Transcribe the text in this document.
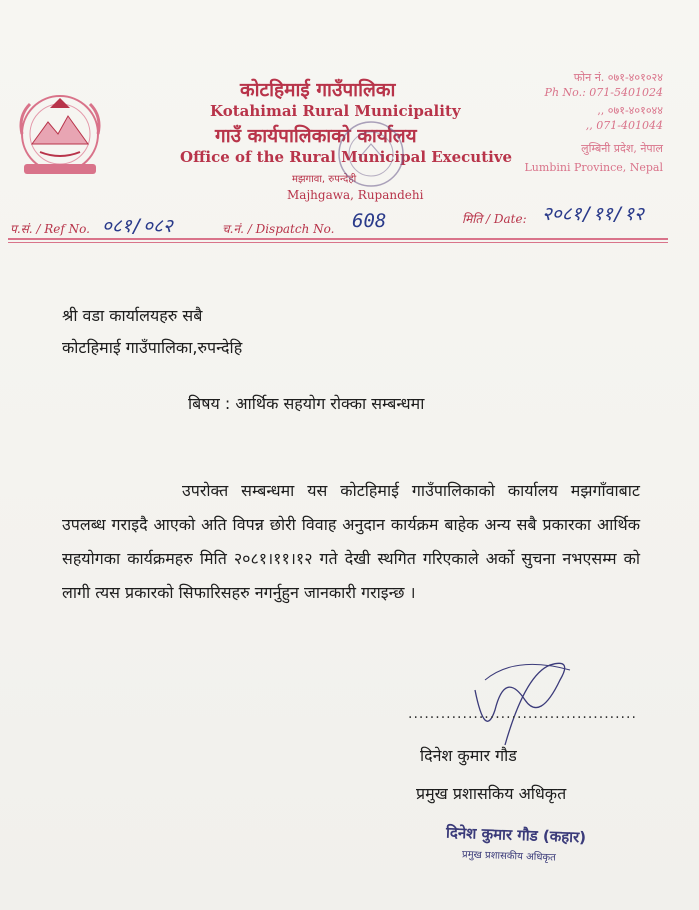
कोटहिमाई गाउँपालिका
Kotahimai Rural Municipality
गाउँ कार्यपालिकाको कार्यालय
Office of the Rural Municipal Executive
मझगावा, रुपन्देही
Majhgawa, Rupandehi
फोन नं. ०७१-४०१०२४
Ph No.: 071-5401024
,, ०७१-४०१०४४
,, 071-401044
लुम्बिनी प्रदेश, नेपाल
Lumbini Province, Nepal
प.सं. / Ref No. ०८१/०८२	च.नं. / Dispatch No. 608	मिति / Date: २०८१/११/१२
श्री वडा कार्यालयहरु सबै
कोटहिमाई गाउँपालिका,रुपन्देहि
बिषय : आर्थिक सहयोग रोक्का सम्बन्धमा
उपरोक्त सम्बन्धमा यस कोटहिमाई गाउँपालिकाको कार्यालय मझगाँवाबाट उपलब्ध गराइदै आएको अति विपन्न छोरी विवाह अनुदान कार्यक्रम बाहेक अन्य सबै प्रकारका आर्थिक सहयोगका कार्यक्रमहरु मिति २०८१।११।१२ गते देखी स्थगित गरिएकाले अर्को सुचना नभएसम्म को लागी त्यस प्रकारको सिफारिसहरु नगर्नुहुन जानकारी गराइन्छ ।
..........................................
दिनेश कुमार गौड
प्रमुख प्रशासकिय अधिकृत
दिनेश कुमार गौड (कहार)
प्रमुख प्रशासकीय अधिकृत
